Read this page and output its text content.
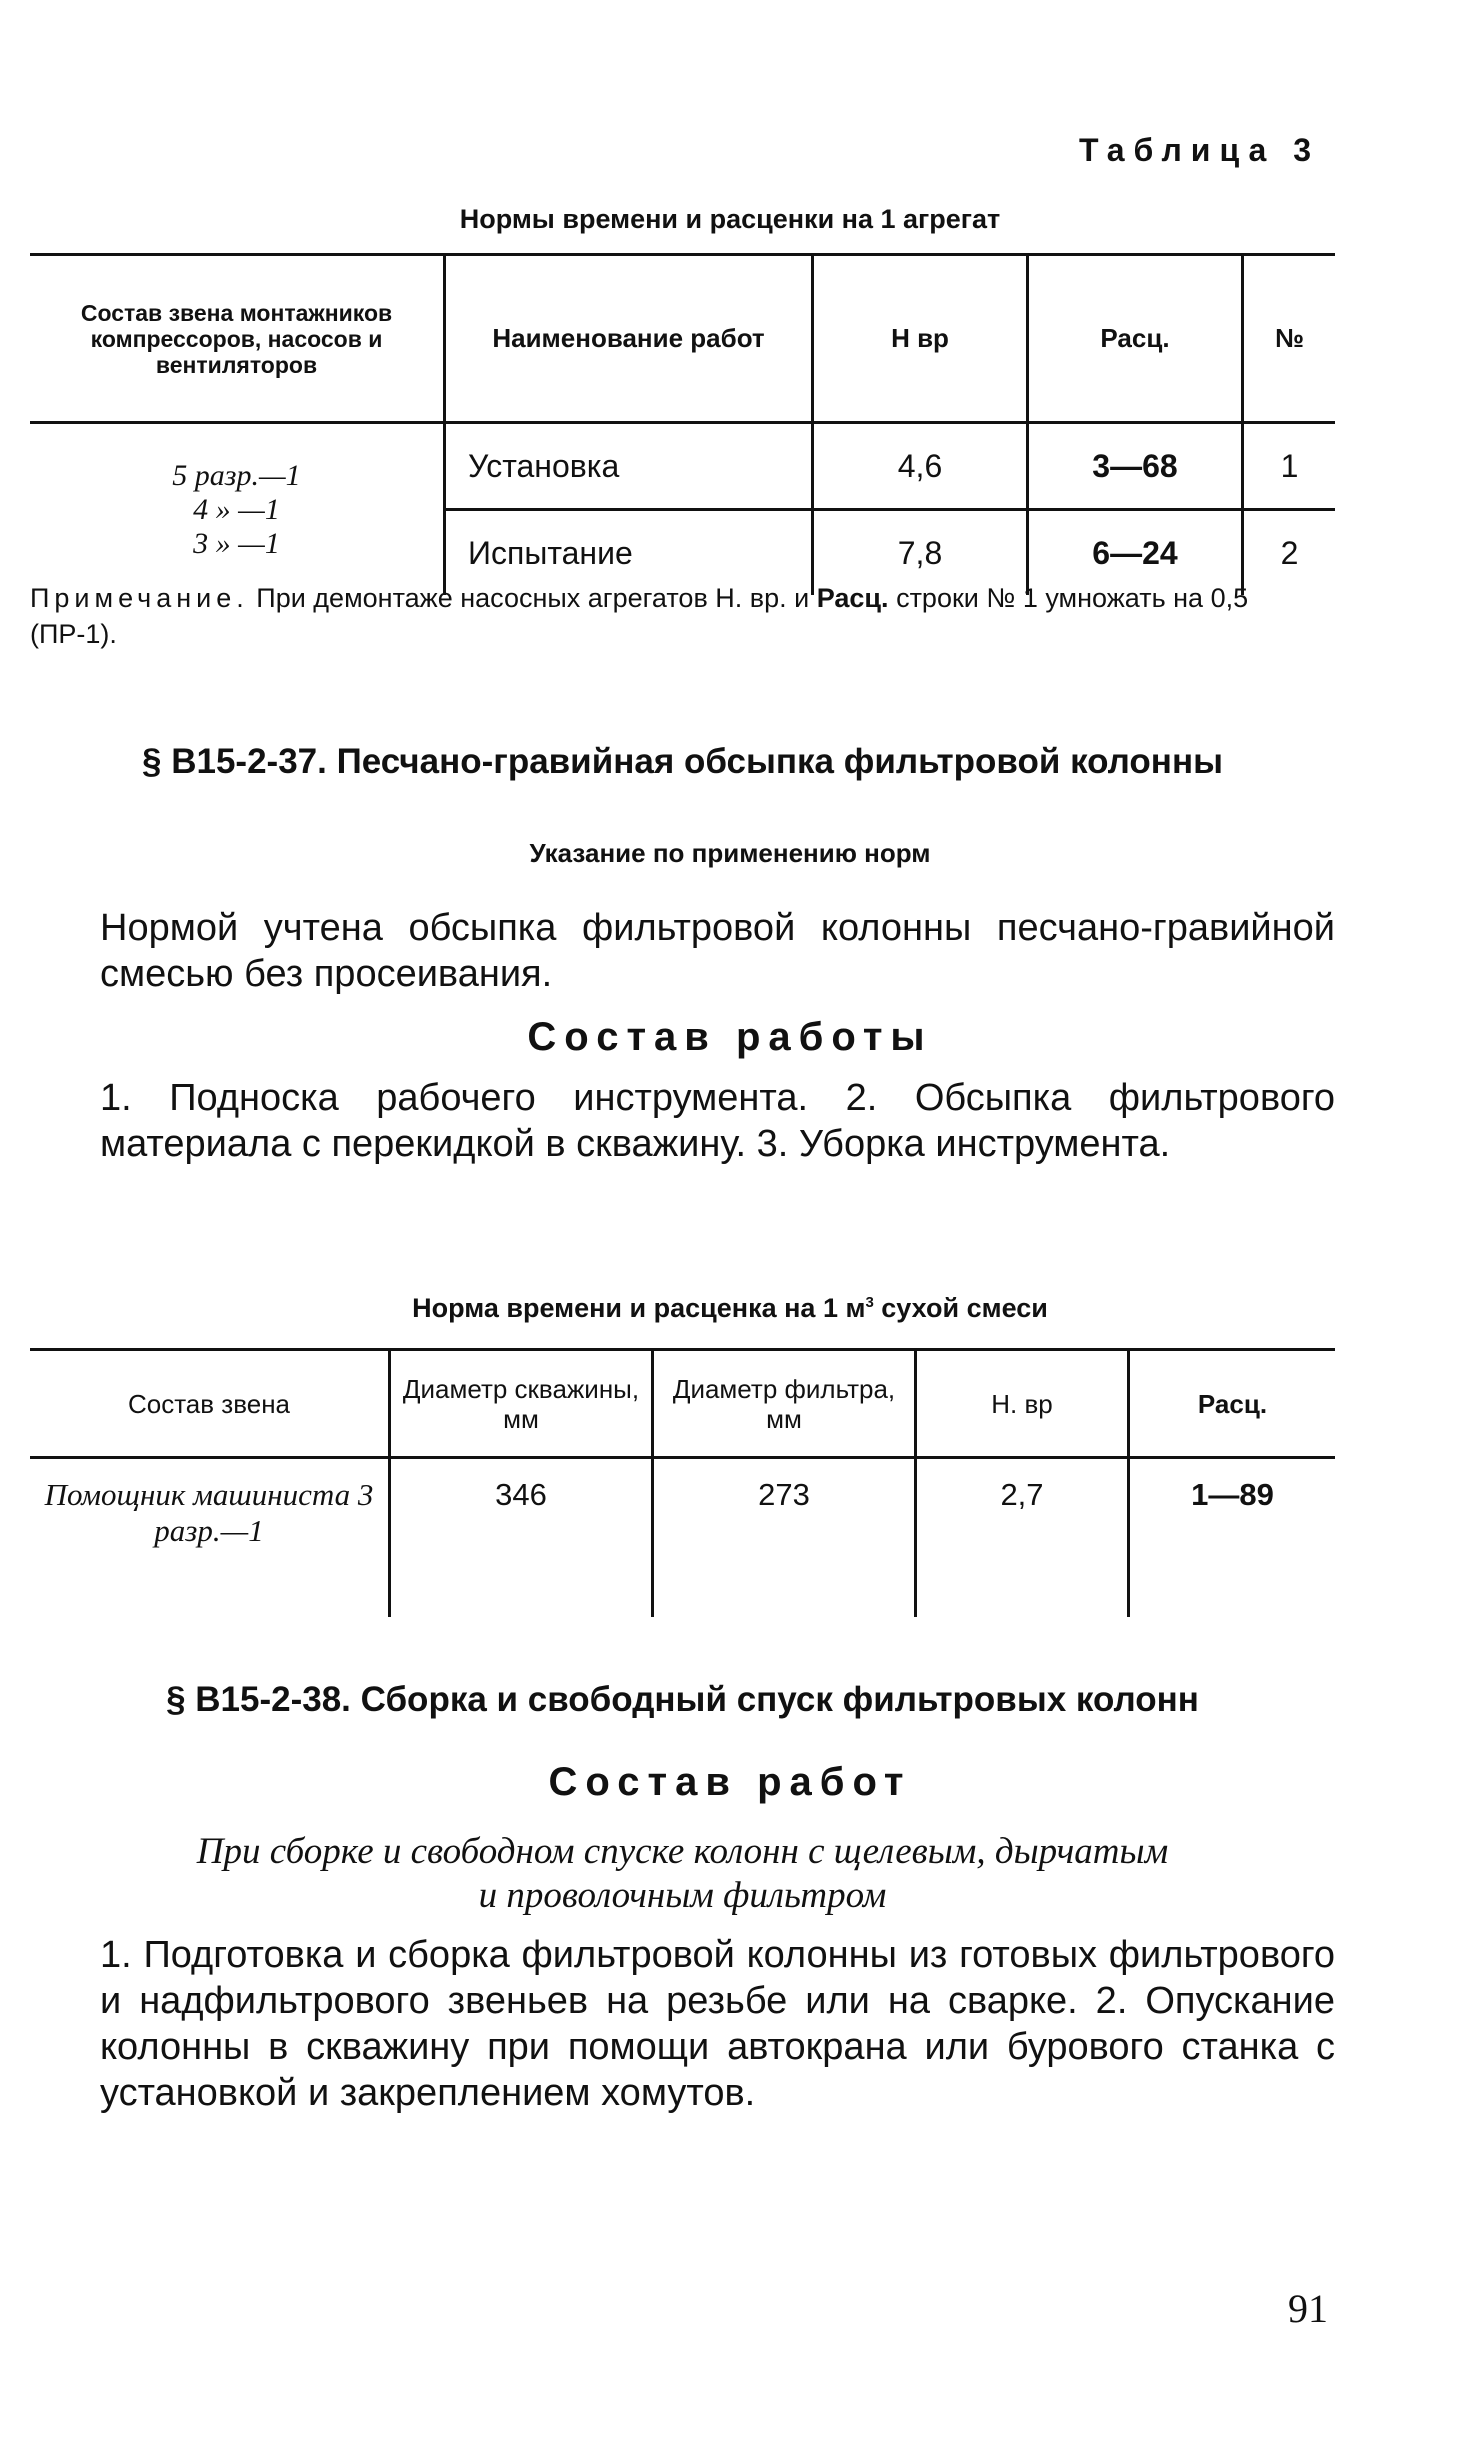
Таблица 3
Нормы времени и расценки на 1 агрегат
Состав звена монтажников компрессоров, насосов и вентиляторов	Наименование работ	Н вр	Расц.	№

5 разр.—1
4 » —1
3 » —1	Установка	4,6	3—68	1
	Испытание	7,8	6—24	2
Примечание. При демонтаже насосных агрегатов Н. вр. и Расц. строки № 1 умножать на 0,5 (ПР-1).
§ В15-2-37. Песчано-гравийная обсыпка фильтровой колонны
Указание по применению норм
Нормой учтена обсыпка фильтровой колонны песчано-гравийной смесью без просеивания.
Состав работы
1. Подноска рабочего инструмента. 2. Обсыпка фильтрового материала с перекидкой в скважину. 3. Уборка инструмента.
Норма времени и расценка на 1 $м^3$ сухой смеси
Состав звена	Диаметр скважины, мм	Диаметр фильтра, мм	Н. вр	Расц.
Помощник машиниста 3 разр.—1	346	273	2,7	1—89
§ В15-2-38. Сборка и свободный спуск фильтровых колонн
Состав работ
При сборке и свободном спуске колонн с щелевым, дырчатым
и проволочным фильтром
1. Подготовка и сборка фильтровой колонны из готовых фильтрового и надфильтрового звеньев на резьбе или на сварке. 2. Опускание колонны в скважину при помощи автокрана или бурового станка с установкой и закреплением хомутов.
91
